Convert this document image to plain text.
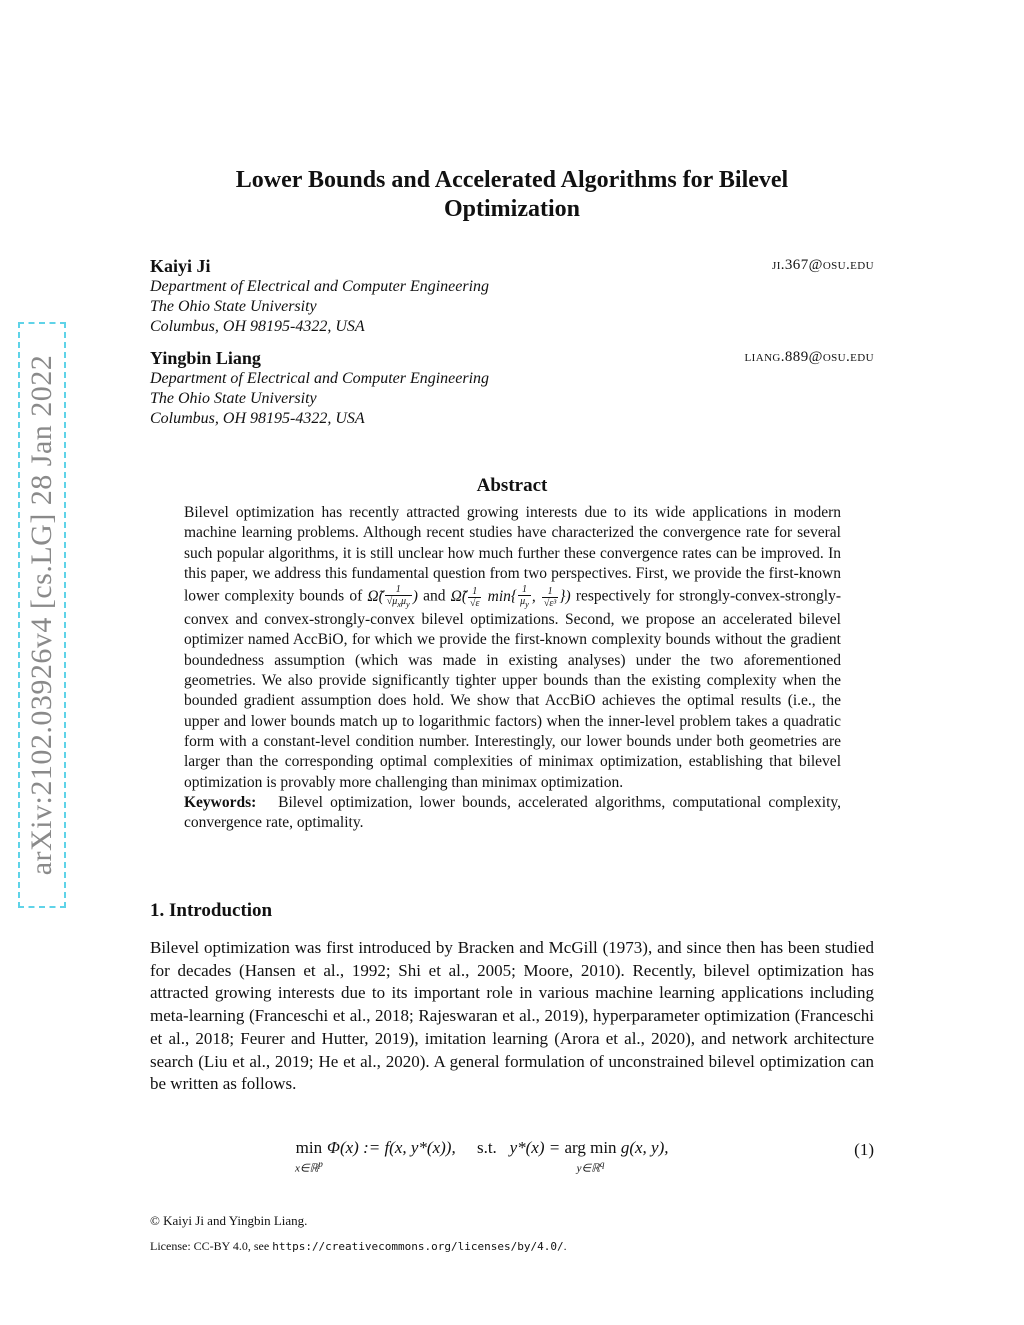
arXiv:2102.03926v4 [cs.LG] 28 Jan 2022
Lower Bounds and Accelerated Algorithms for Bilevel
Optimization
Kaiyi Ji	ji.367@osu.edu
Department of Electrical and Computer Engineering
The Ohio State University
Columbus, OH 98195-4322, USA
Yingbin Liang	liang.889@osu.edu
Department of Electrical and Computer Engineering
The Ohio State University
Columbus, OH 98195-4322, USA
Abstract

Bilevel optimization has recently attracted growing interests due to its wide applications in modern machine learning problems. Although recent studies have characterized the convergence rate for several such popular algorithms, it is still unclear how much further these convergence rates can be improved. In this paper, we address this fundamental question from two perspectives. First, we provide the first-known lower complexity bounds of Ω̃( $\frac{1}{√\mu_x\mu_y}$ ) and Ω̃( $\frac{1}{√\varepsilon} \min\{ \frac{1}{\mu_y}$ , $\frac{1}{\text{√ε³}}$ }) respectively for strongly-convex-strongly-convex and convex-strongly-convex bilevel optimizations. Second, we propose an accelerated bilevel optimizer named AccBiO, for which we provide the first-known complexity bounds without the gradient boundedness assumption (which was made in existing analyses) under the two aforementioned geometries. We also provide significantly tighter upper bounds than the existing complexity when the bounded gradient assumption does hold. We show that AccBiO achieves the optimal results (i.e., the upper and lower bounds match up to logarithmic factors) when the inner-level problem takes a quadratic form with a constant-level condition number. Interestingly, our lower bounds under both geometries are larger than the corresponding optimal complexities of minimax optimization, establishing that bilevel optimization is provably more challenging than minimax optimization.

Keywords: Bilevel optimization, lower bounds, accelerated algorithms, computational complexity, convergence rate, optimality.

1. Introduction
Bilevel optimization was first introduced by Bracken and McGill (1973), and since then has been studied for decades (Hansen et al., 1992; Shi et al., 2005; Moore, 2010). Recently, bilevel optimization has attracted growing interests due to its important role in various machine learning applications including meta-learning (Franceschi et al., 2018; Rajeswaran et al., 2019), hyperparameter optimization (Franceschi et al., 2018; Feurer and Hutter, 2019), imitation learning (Arora et al., 2020), and network architecture search (Liu et al., 2019; He et al., 2020). A general formulation of unconstrained bilevel optimization can be written as follows.
min
x∈ℝ$^p$
Φ(x) := f(x, y*(x)),     s.t.   y*(x) = arg min
y∈ℝ$^q$
g(x, y),	(1)
© Kaiyi Ji and Yingbin Liang.
License: CC-BY 4.0, see https://creativecommons.org/licenses/by/4.0/.
